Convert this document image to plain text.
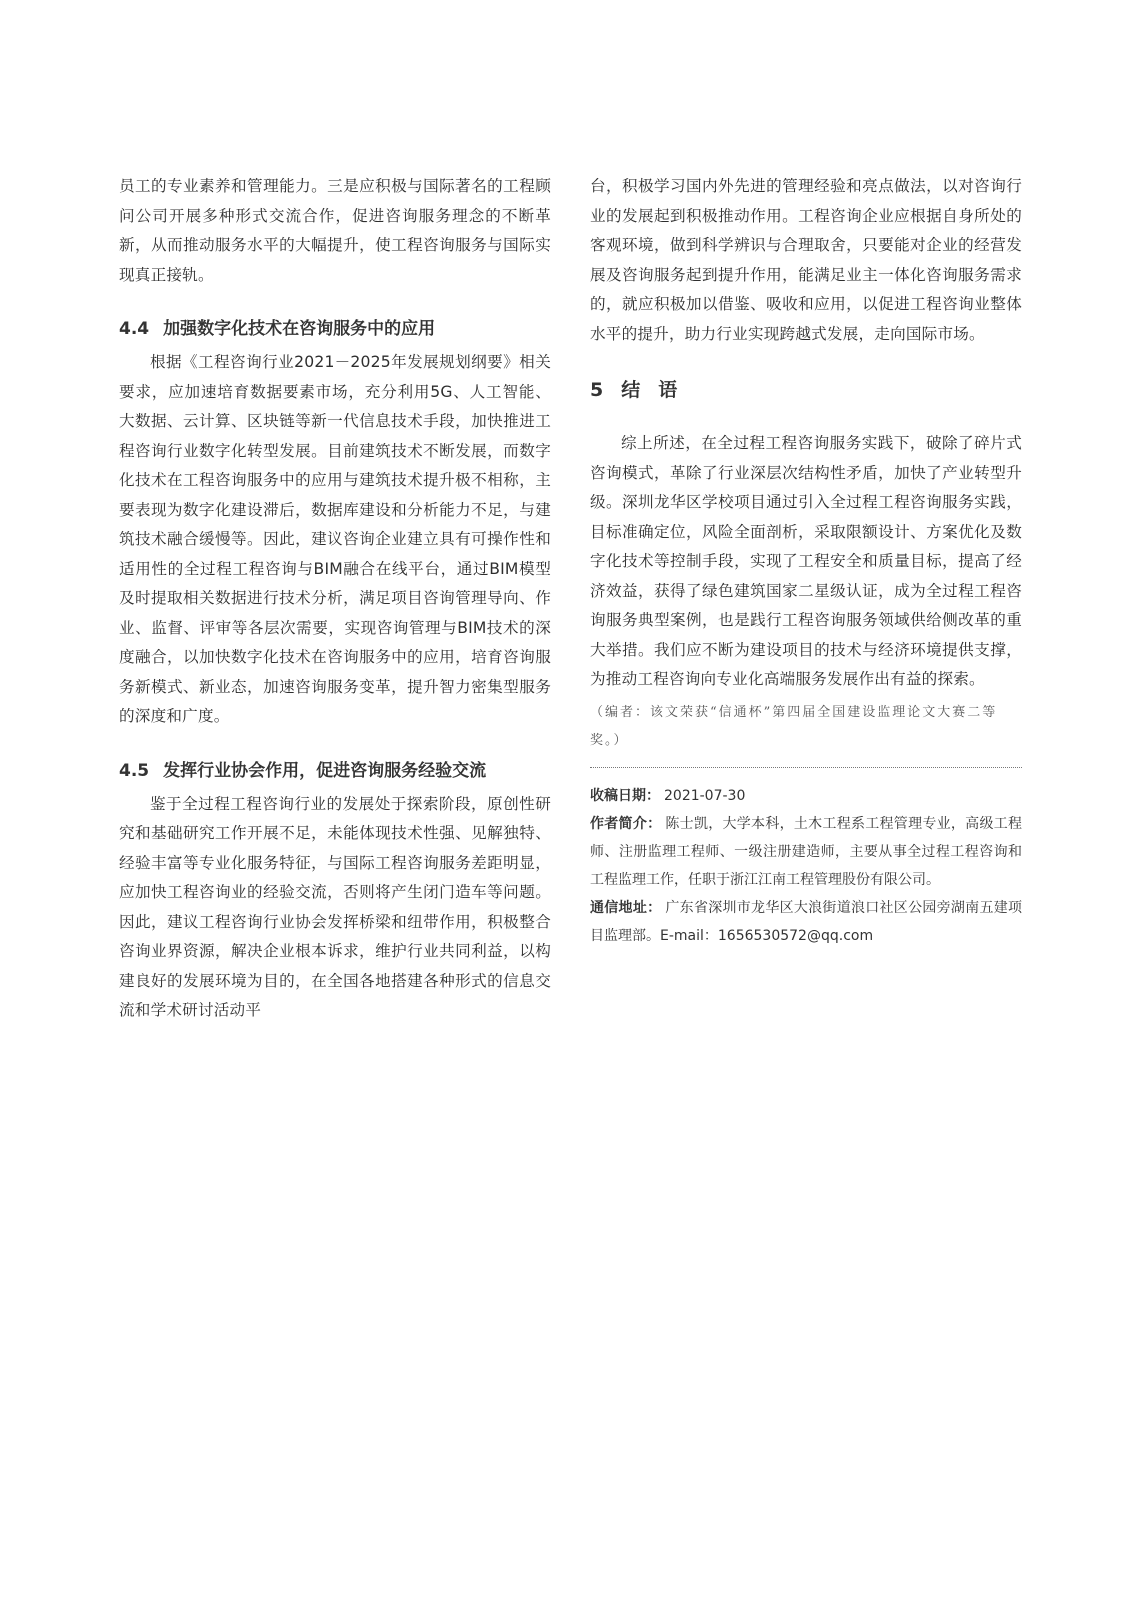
员工的专业素养和管理能力。三是应积极与国际著名的工程顾问公司开展多种形式交流合作，促进咨询服务理念的不断革新，从而推动服务水平的大幅提升，使工程咨询服务与国际实现真正接轨。

4.4 加强数字化技术在咨询服务中的应用

根据《工程咨询行业2021－2025年发展规划纲要》相关要求，应加速培育数据要素市场，充分利用5G、人工智能、大数据、云计算、区块链等新一代信息技术手段，加快推进工程咨询行业数字化转型发展。目前建筑技术不断发展，而数字化技术在工程咨询服务中的应用与建筑技术提升极不相称，主要表现为数字化建设滞后，数据库建设和分析能力不足，与建筑技术融合缓慢等。因此，建议咨询企业建立具有可操作性和适用性的全过程工程咨询与BIM融合在线平台，通过BIM模型及时提取相关数据进行技术分析，满足项目咨询管理导向、作业、监督、评审等各层次需要，实现咨询管理与BIM技术的深度融合，以加快数字化技术在咨询服务中的应用，培育咨询服务新模式、新业态，加速咨询服务变革，提升智力密集型服务的深度和广度。

4.5 发挥行业协会作用，促进咨询服务经验交流

鉴于全过程工程咨询行业的发展处于探索阶段，原创性研究和基础研究工作开展不足，未能体现技术性强、见解独特、经验丰富等专业化服务特征，与国际工程咨询服务差距明显，应加快工程咨询业的经验交流，否则将产生闭门造车等问题。因此，建议工程咨询行业协会发挥桥梁和纽带作用，积极整合咨询业界资源，解决企业根本诉求，维护行业共同利益，以构建良好的发展环境为目的，在全国各地搭建各种形式的信息交流和学术研讨活动平

台，积极学习国内外先进的管理经验和亮点做法，以对咨询行业的发展起到积极推动作用。工程咨询企业应根据自身所处的客观环境，做到科学辨识与合理取舍，只要能对企业的经营发展及咨询服务起到提升作用，能满足业主一体化咨询服务需求的，就应积极加以借鉴、吸收和应用，以促进工程咨询业整体水平的提升，助力行业实现跨越式发展，走向国际市场。

5 结 语

综上所述，在全过程工程咨询服务实践下，破除了碎片式咨询模式，革除了行业深层次结构性矛盾，加快了产业转型升级。深圳龙华区学校项目通过引入全过程工程咨询服务实践，目标准确定位，风险全面剖析，采取限额设计、方案优化及数字化技术等控制手段，实现了工程安全和质量目标，提高了经济效益，获得了绿色建筑国家二星级认证，成为全过程工程咨询服务典型案例，也是践行工程咨询服务领域供给侧改革的重大举措。我们应不断为建设项目的技术与经济环境提供支撑，为推动工程咨询向专业化高端服务发展作出有益的探索。

（编者：该文荣获“信通杯”第四届全国建设监理论文大赛二等奖。）

收稿日期： 2021-07-30

作者简介： 陈士凯，大学本科，土木工程系工程管理专业，高级工程师、注册监理工程师、一级注册建造师，主要从事全过程工程咨询和工程监理工作，任职于浙江江南工程管理股份有限公司。

通信地址： 广东省深圳市龙华区大浪街道浪口社区公园旁湖南五建项目监理部。E-mail：1656530572@qq.com
